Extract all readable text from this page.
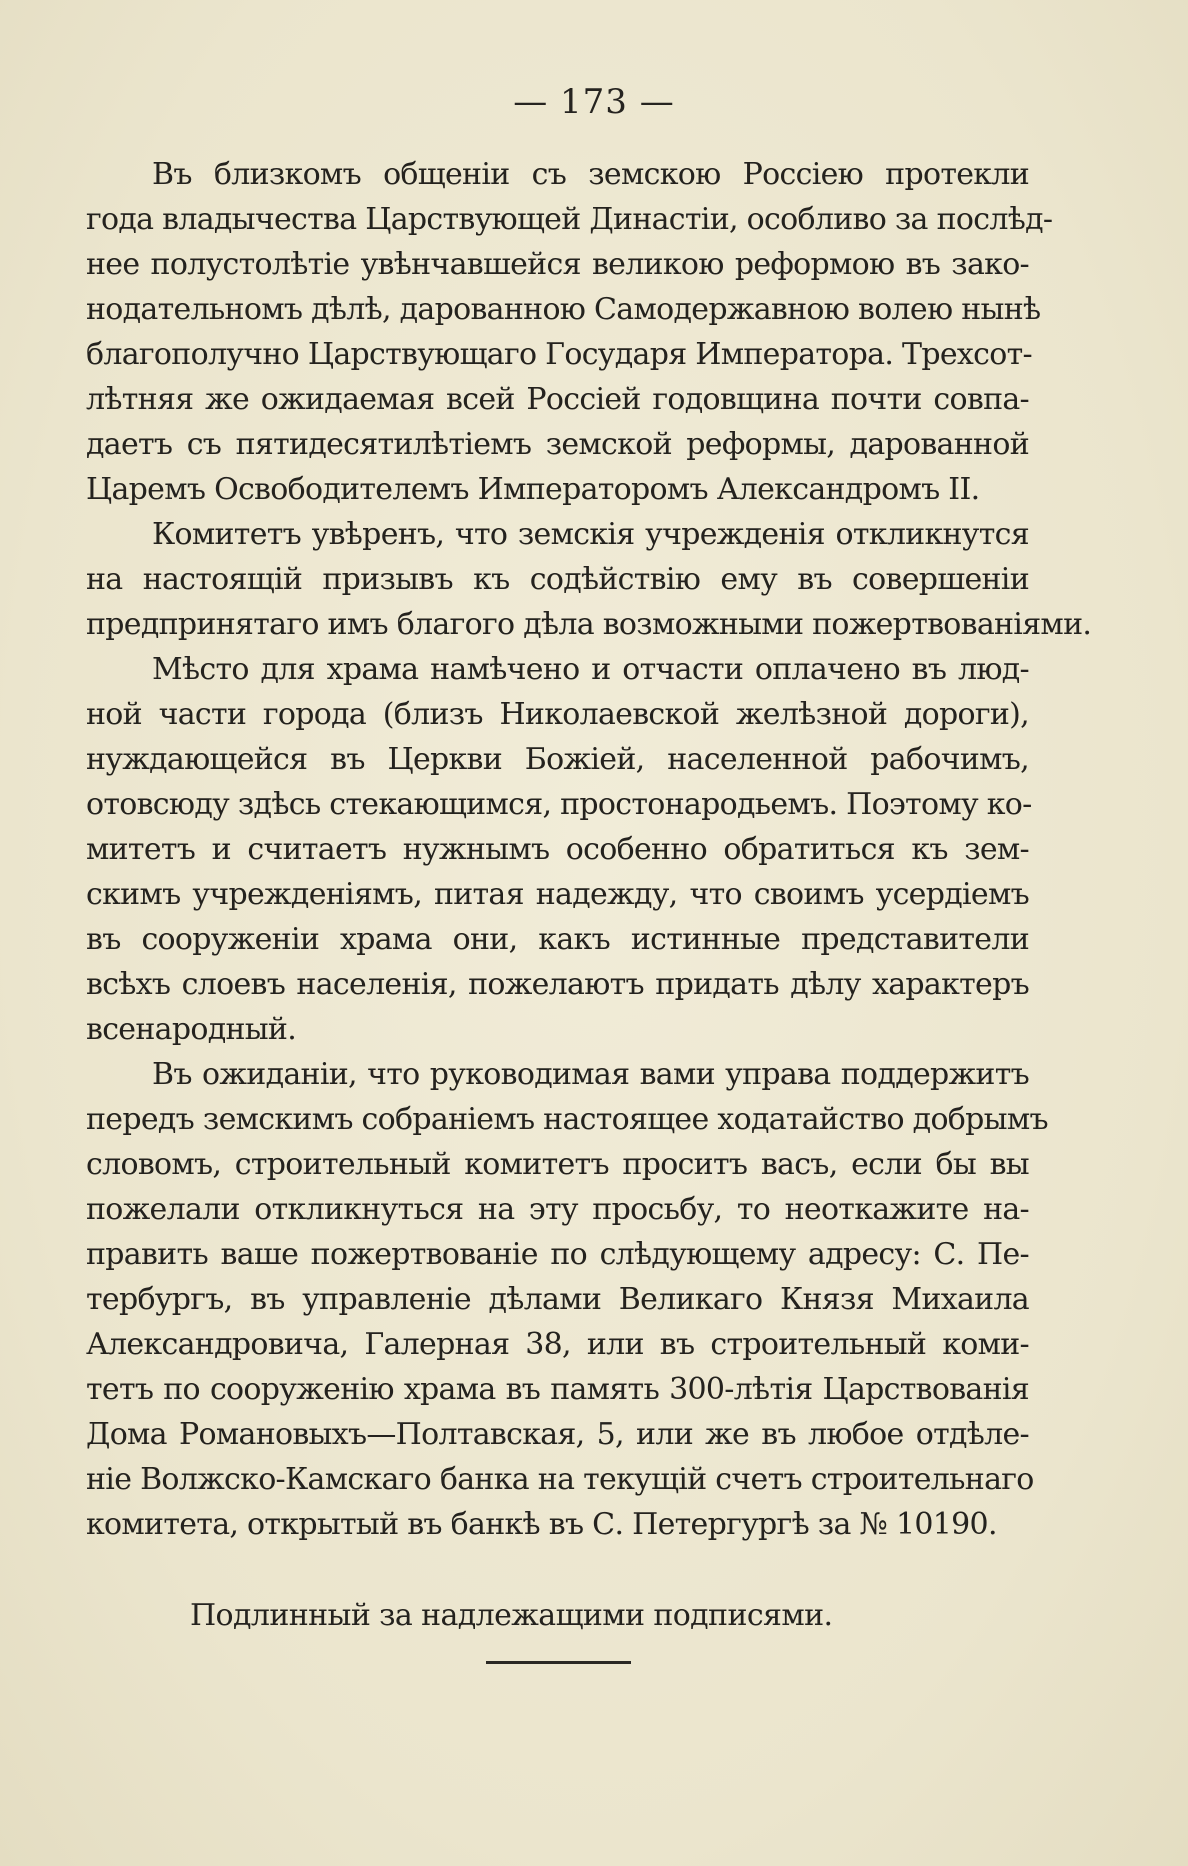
— 173 —
Въ близкомъ общеніи съ земскою Россіею протекли
года владычества Царствующей Династіи, особливо за послѣд-
нее полустолѣтіе увѣнчавшейся великою реформою въ зако-
нодательномъ дѣлѣ, дарованною Самодержавною волею нынѣ
благополучно Царствующаго Государя Императора. Трехсот-
лѣтняя же ожидаемая всей Россіей годовщина почти совпа-
даетъ съ пятидесятилѣтіемъ земской реформы, дарованной
Царемъ Освободителемъ Императоромъ Александромъ II.
Комитетъ увѣренъ, что земскія учрежденія откликнутся
на настоящій призывъ къ содѣйствію ему въ совершеніи
предпринятаго имъ благого дѣла возможными пожертвованіями.
Мѣсто для храма намѣчено и отчасти оплачено въ люд-
ной части города (близъ Николаевской желѣзной дороги),
нуждающейся въ Церкви Божіей, населенной рабочимъ,
отовсюду здѣсь стекающимся, простонародьемъ. Поэтому ко-
митетъ и считаетъ нужнымъ особенно обратиться къ зем-
скимъ учрежденіямъ, питая надежду, что своимъ усердіемъ
въ сооруженіи храма они, какъ истинные представители
всѣхъ слоевъ населенія, пожелаютъ придать дѣлу характеръ
всенародный.
Въ ожиданіи, что руководимая вами управа поддержитъ
передъ земскимъ собраніемъ настоящее ходатайство добрымъ
словомъ, строительный комитетъ проситъ васъ, если бы вы
пожелали откликнуться на эту просьбу, то неоткажите на-
править ваше пожертвованіе по слѣдующему адресу: С. Пе-
тербургъ, въ управленіе дѣлами Великаго Князя Михаила
Александровича, Галерная 38, или въ строительный коми-
тетъ по сооруженію храма въ память 300-лѣтія Царствованія
Дома Романовыхъ—Полтавская, 5, или же въ любое отдѣле-
ніе Волжско-Камскаго банка на текущій счетъ строительнаго
комитета, открытый въ банкѣ въ С. Петергургѣ за № 10190.
Подлинный за надлежащими подписями.
